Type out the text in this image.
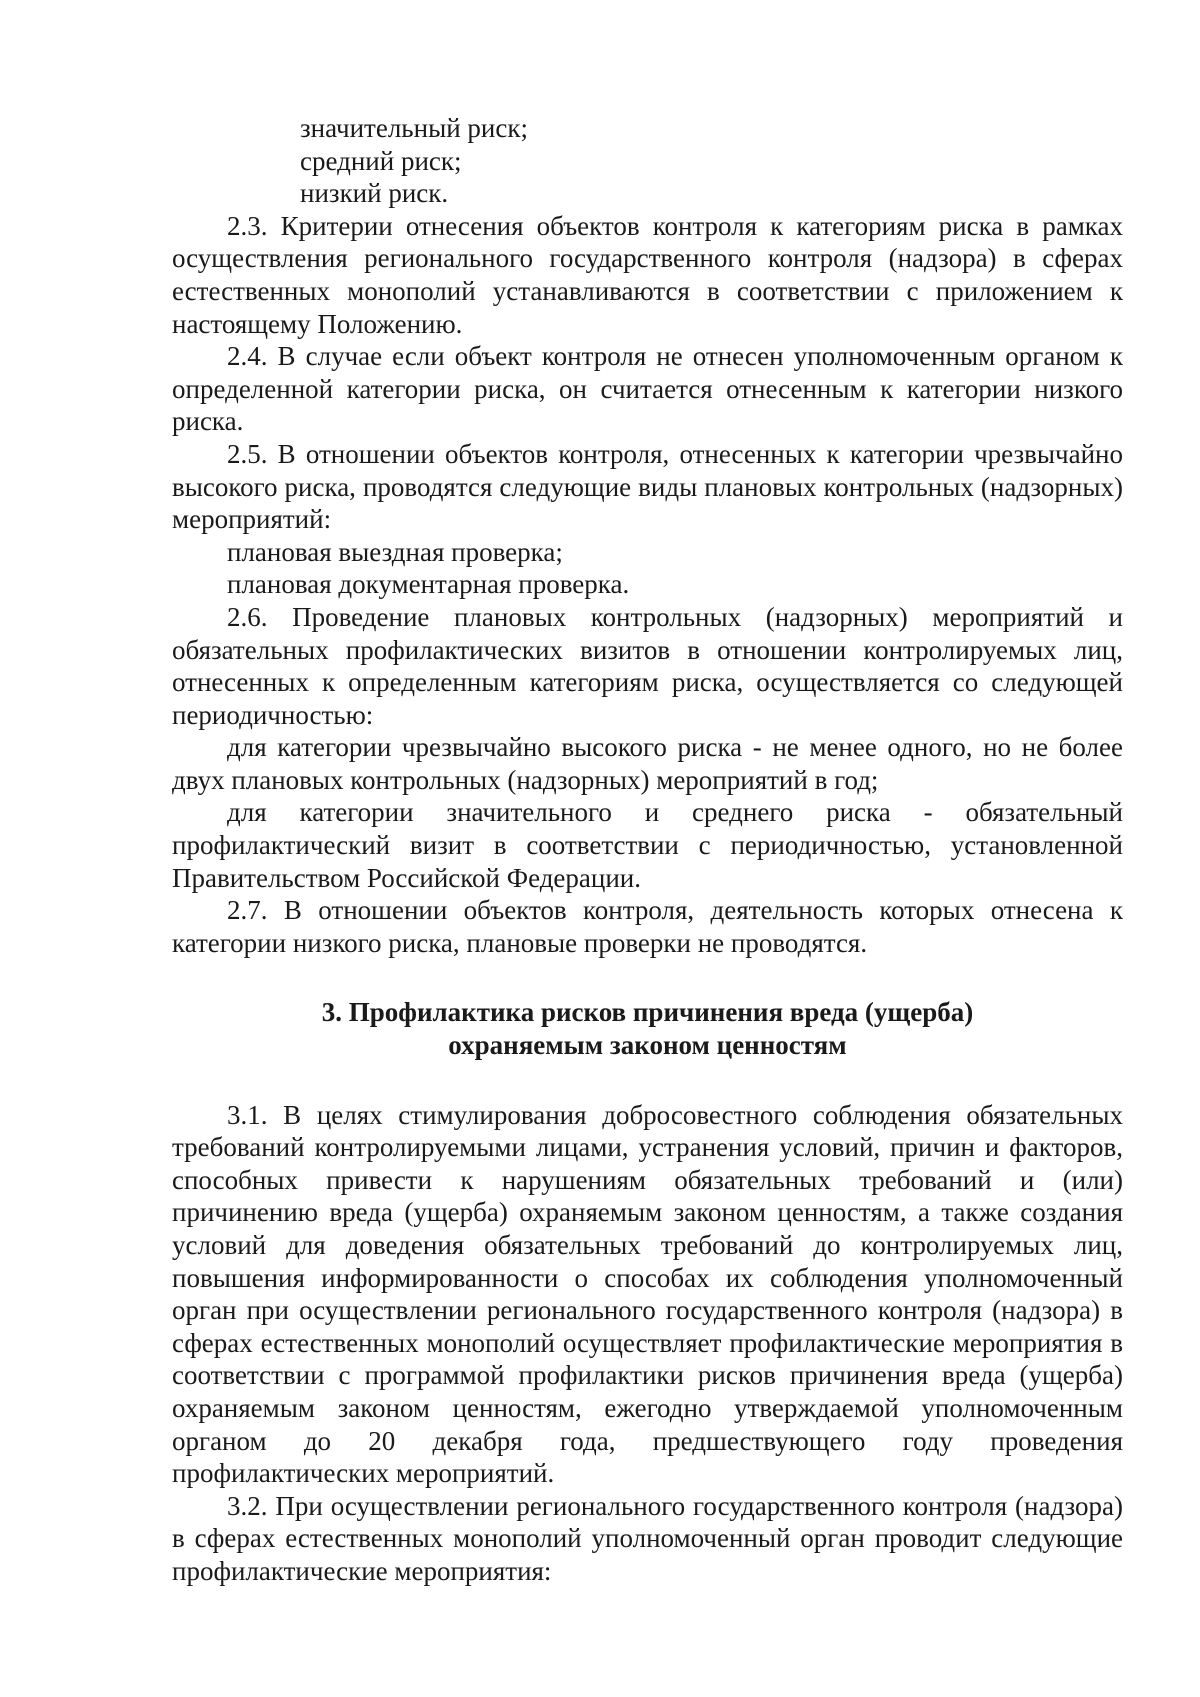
значительный риск;
средний риск;
низкий риск.

2.3. Критерии отнесения объектов контроля к категориям риска в рамках осуществления регионального государственного контроля (надзора) в сферах естественных монополий устанавливаются в соответствии с приложением к настоящему Положению.

2.4. В случае если объект контроля не отнесен уполномоченным органом к определенной категории риска, он считается отнесенным к категории низкого риска.

2.5. В отношении объектов контроля, отнесенных к категории чрезвычайно высокого риска, проводятся следующие виды плановых контрольных (надзорных) мероприятий:

плановая выездная проверка;

плановая документарная проверка.

2.6. Проведение плановых контрольных (надзорных) мероприятий и обязательных профилактических визитов в отношении контролируемых лиц, отнесенных к определенным категориям риска, осуществляется со следующей периодичностью:

для категории чрезвычайно высокого риска - не менее одного, но не более двух плановых контрольных (надзорных) мероприятий в год;

для категории значительного и среднего риска - обязательный профилактический визит в соответствии с периодичностью, установленной Правительством Российской Федерации.

2.7. В отношении объектов контроля, деятельность которых отнесена к категории низкого риска, плановые проверки не проводятся.

3. Профилактика рисков причинения вреда (ущерба)
охраняемым законом ценностям

3.1. В целях стимулирования добросовестного соблюдения обязательных требований контролируемыми лицами, устранения условий, причин и факторов, способных привести к нарушениям обязательных требований и (или) причинению вреда (ущерба) охраняемым законом ценностям, а также создания условий для доведения обязательных требований до контролируемых лиц, повышения информированности о способах их соблюдения уполномоченный орган при осуществлении регионального государственного контроля (надзора) в сферах естественных монополий осуществляет профилактические мероприятия в соответствии с программой профилактики рисков причинения вреда (ущерба) охраняемым законом ценностям, ежегодно утверждаемой уполномоченным органом до 20 декабря года, предшествующего году проведения профилактических мероприятий.

3.2. При осуществлении регионального государственного контроля (надзора) в сферах естественных монополий уполномоченный орган проводит следующие профилактические мероприятия:
